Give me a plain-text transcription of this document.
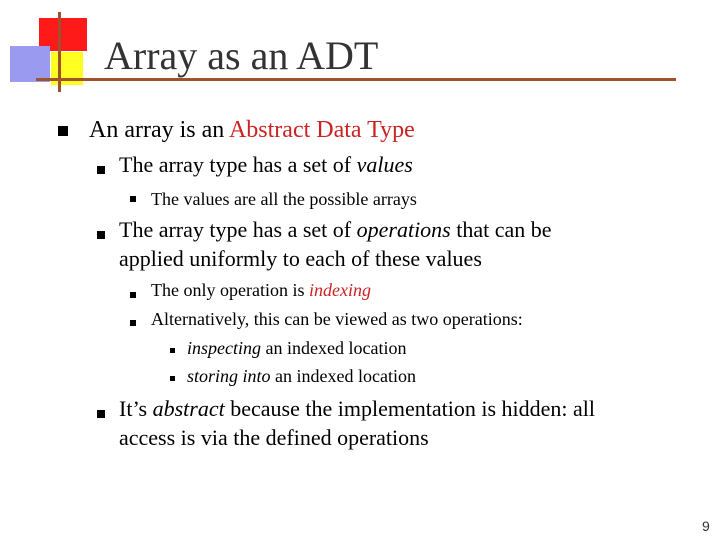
Array as an ADT
An array is an Abstract Data Type
The array type has a set of values
The values are all the possible arrays
The array type has a set of operations that can be
applied uniformly to each of these values
The only operation is indexing
Alternatively, this can be viewed as two operations:
inspecting an indexed location
storing into an indexed location
It’s abstract because the implementation is hidden: all
access is via the defined operations
9
